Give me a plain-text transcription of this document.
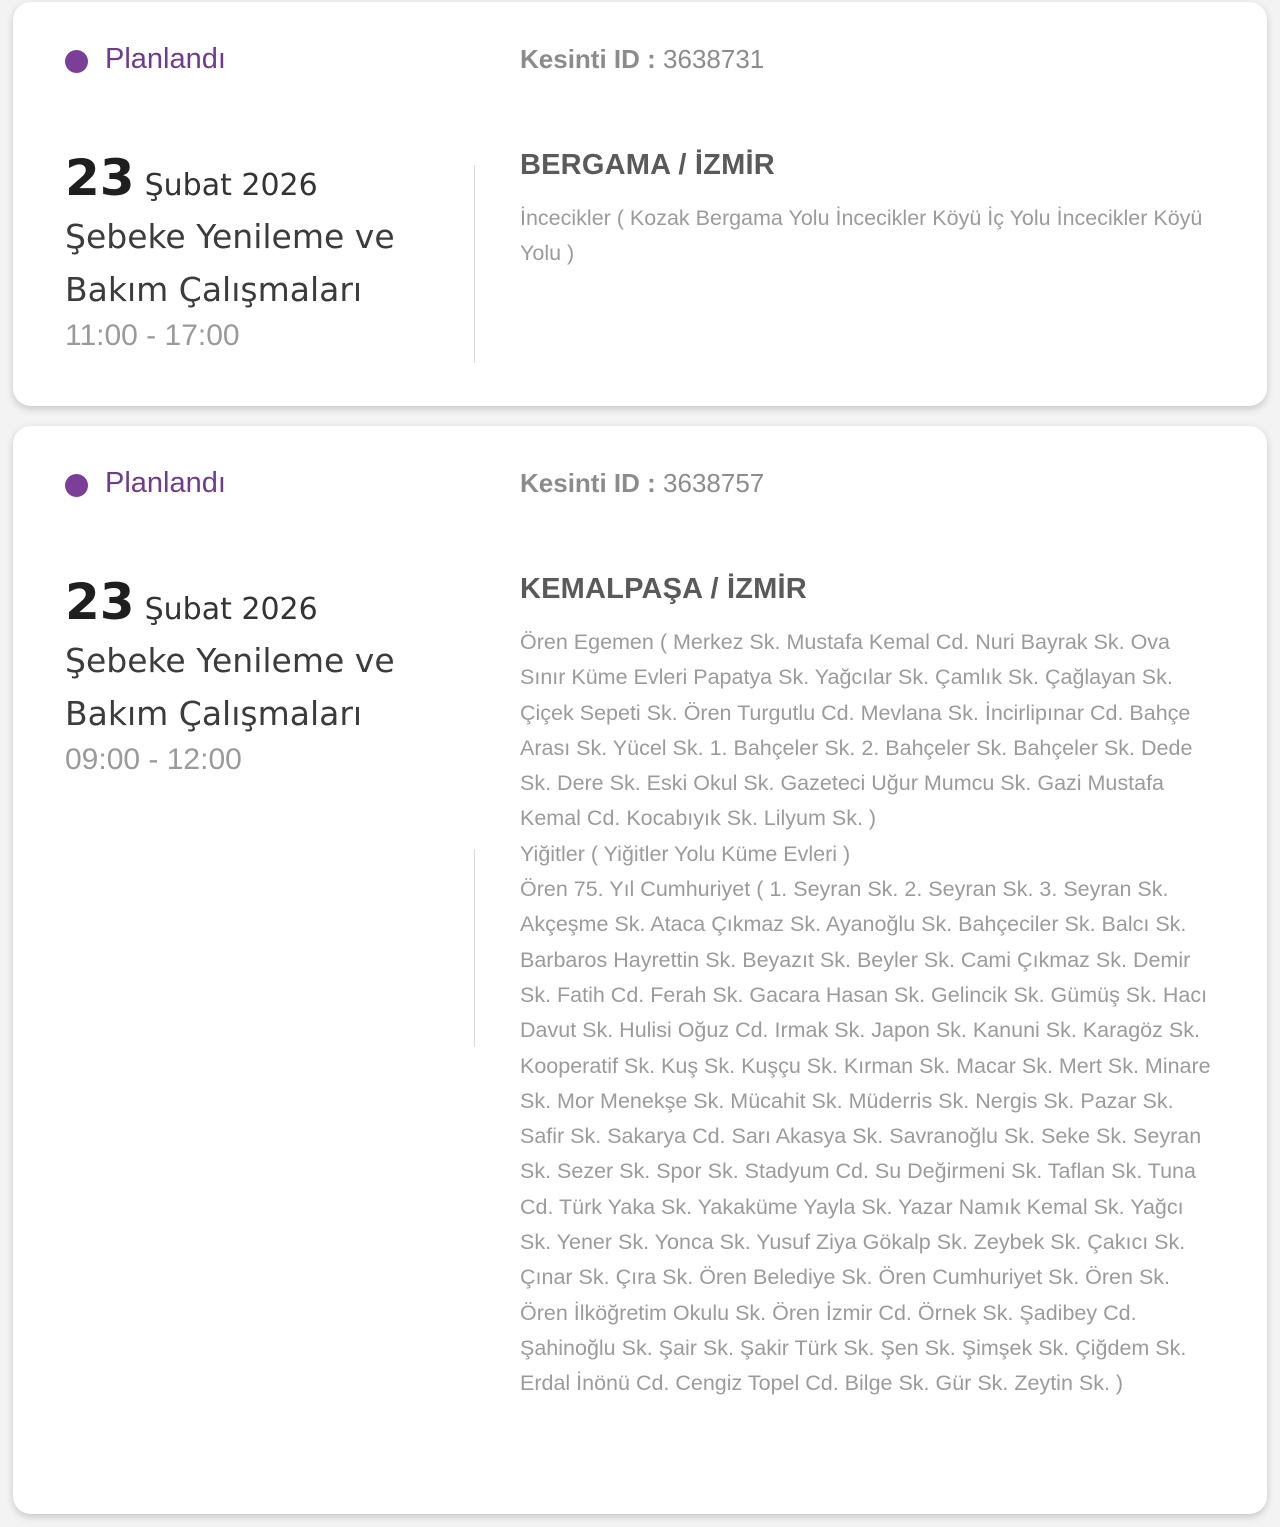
Planlandı	Kesinti ID : 3638731
23 Şubat 2026
Şebeke Yenileme ve Bakım Çalışmaları
11:00 - 17:00
BERGAMA / İZMİR
İncecikler ( Kozak Bergama Yolu İncecikler Köyü İç Yolu İncecikler Köyü Yolu )
Planlandı	Kesinti ID : 3638757
23 Şubat 2026
Şebeke Yenileme ve Bakım Çalışmaları
09:00 - 12:00
KEMALPAŞA / İZMİR
Ören Egemen ( Merkez Sk. Mustafa Kemal Cd. Nuri Bayrak Sk. Ova Sınır Küme Evleri Papatya Sk. Yağcılar Sk. Çamlık Sk. Çağlayan Sk. Çiçek Sepeti Sk. Ören Turgutlu Cd. Mevlana Sk. İncirlipınar Cd. Bahçe Arası Sk. Yücel Sk. 1. Bahçeler Sk. 2. Bahçeler Sk. Bahçeler Sk. Dede Sk. Dere Sk. Eski Okul Sk. Gazeteci Uğur Mumcu Sk. Gazi Mustafa Kemal Cd. Kocabıyık Sk. Lilyum Sk. )
Yiğitler ( Yiğitler Yolu Küme Evleri )
Ören 75. Yıl Cumhuriyet ( 1. Seyran Sk. 2. Seyran Sk. 3. Seyran Sk. Akçeşme Sk. Ataca Çıkmaz Sk. Ayanoğlu Sk. Bahçeciler Sk. Balcı Sk. Barbaros Hayrettin Sk. Beyazıt Sk. Beyler Sk. Cami Çıkmaz Sk. Demir Sk. Fatih Cd. Ferah Sk. Gacara Hasan Sk. Gelincik Sk. Gümüş Sk. Hacı Davut Sk. Hulisi Oğuz Cd. Irmak Sk. Japon Sk. Kanuni Sk. Karagöz Sk. Kooperatif Sk. Kuş Sk. Kuşçu Sk. Kırman Sk. Macar Sk. Mert Sk. Minare Sk. Mor Menekşe Sk. Mücahit Sk. Müderris Sk. Nergis Sk. Pazar Sk. Safir Sk. Sakarya Cd. Sarı Akasya Sk. Savranoğlu Sk. Seke Sk. Seyran Sk. Sezer Sk. Spor Sk. Stadyum Cd. Su Değirmeni Sk. Taflan Sk. Tuna Cd. Türk Yaka Sk. Yakaküme Yayla Sk. Yazar Namık Kemal Sk. Yağcı Sk. Yener Sk. Yonca Sk. Yusuf Ziya Gökalp Sk. Zeybek Sk. Çakıcı Sk. Çınar Sk. Çıra Sk. Ören Belediye Sk. Ören Cumhuriyet Sk. Ören Sk. Ören İlköğretim Okulu Sk. Ören İzmir Cd. Örnek Sk. Şadibey Cd. Şahinoğlu Sk. Şair Sk. Şakir Türk Sk. Şen Sk. Şimşek Sk. Çiğdem Sk. Erdal İnönü Cd. Cengiz Topel Cd. Bilge Sk. Gür Sk. Zeytin Sk. )
